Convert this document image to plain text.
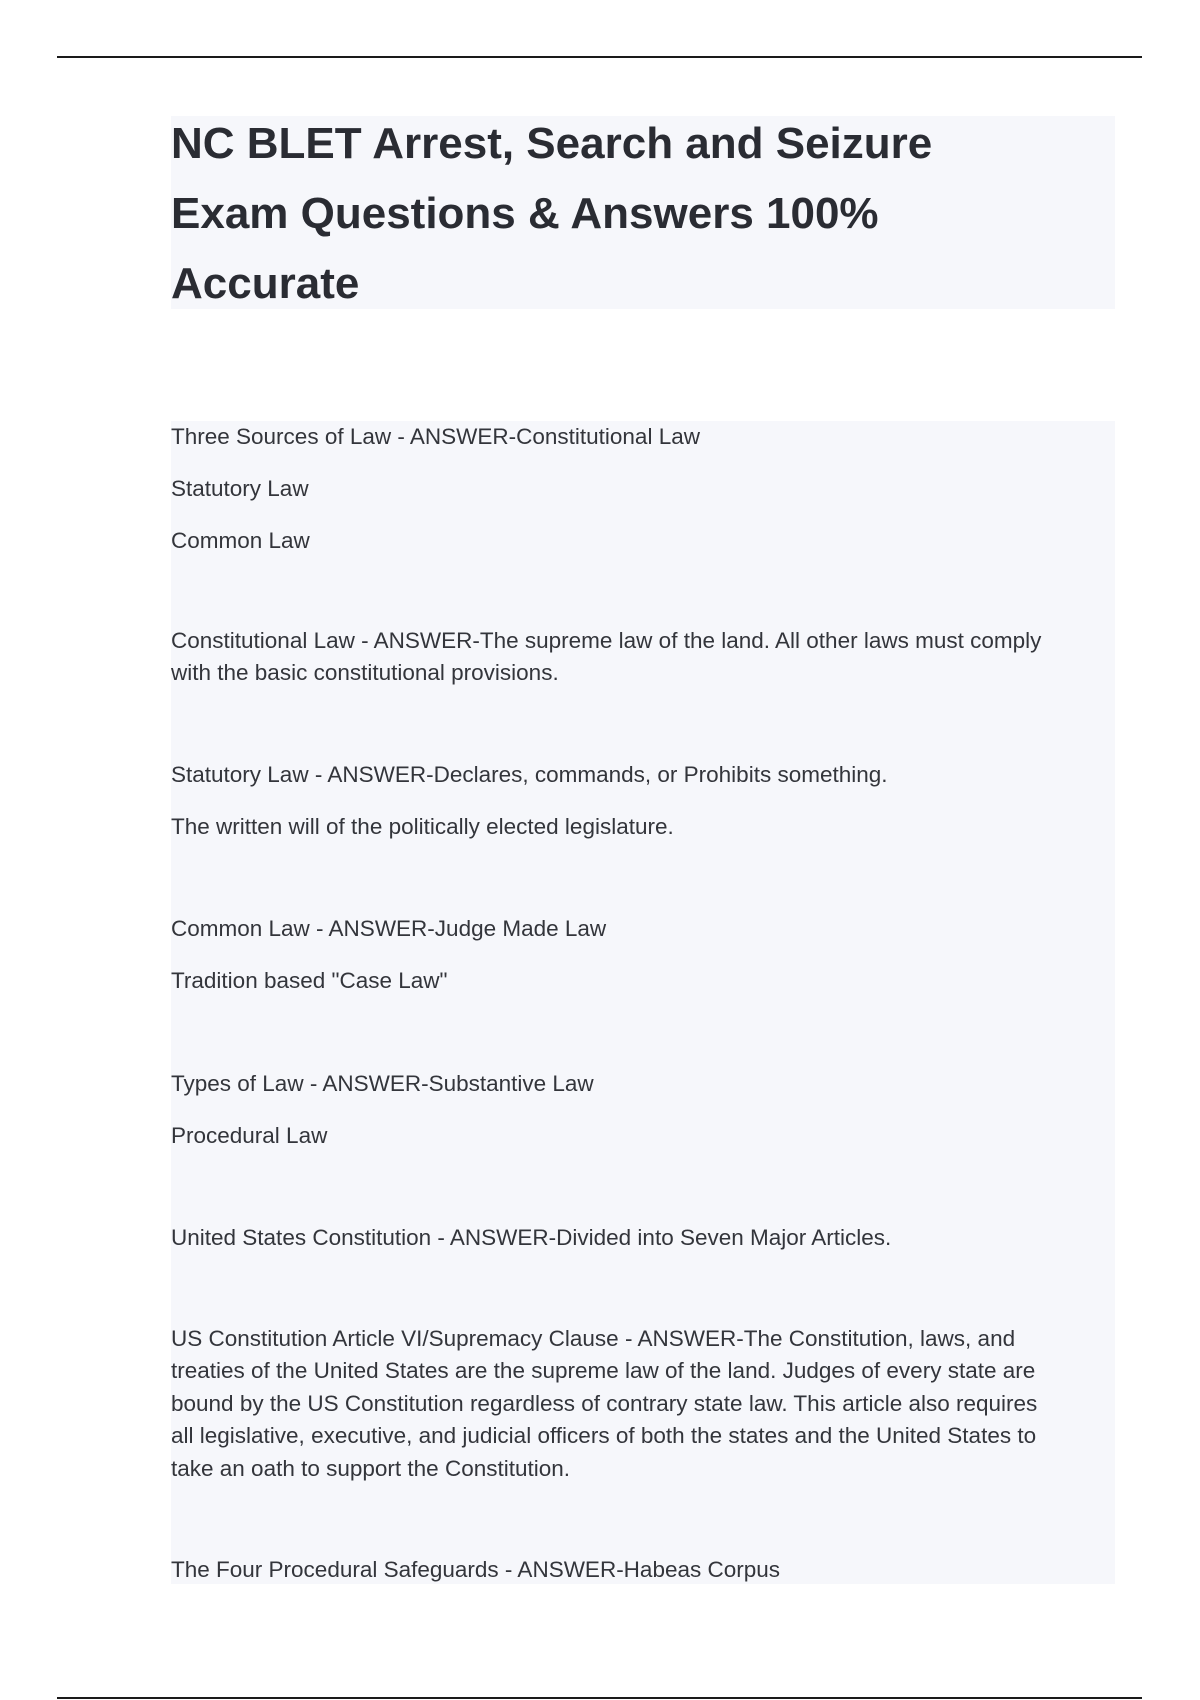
NC BLET Arrest, Search and Seizure
Exam Questions & Answers 100%
Accurate
Three Sources of Law - ANSWER-Constitutional Law
Statutory Law
Common Law
Constitutional Law - ANSWER-The supreme law of the land. All other laws must comply
with the basic constitutional provisions.
Statutory Law - ANSWER-Declares, commands, or Prohibits something.
The written will of the politically elected legislature.
Common Law - ANSWER-Judge Made Law
Tradition based "Case Law"
Types of Law - ANSWER-Substantive Law
Procedural Law
United States Constitution - ANSWER-Divided into Seven Major Articles.
US Constitution Article VI/Supremacy Clause - ANSWER-The Constitution, laws, and
treaties of the United States are the supreme law of the land. Judges of every state are
bound by the US Constitution regardless of contrary state law. This article also requires
all legislative, executive, and judicial officers of both the states and the United States to
take an oath to support the Constitution.
The Four Procedural Safeguards - ANSWER-Habeas Corpus
